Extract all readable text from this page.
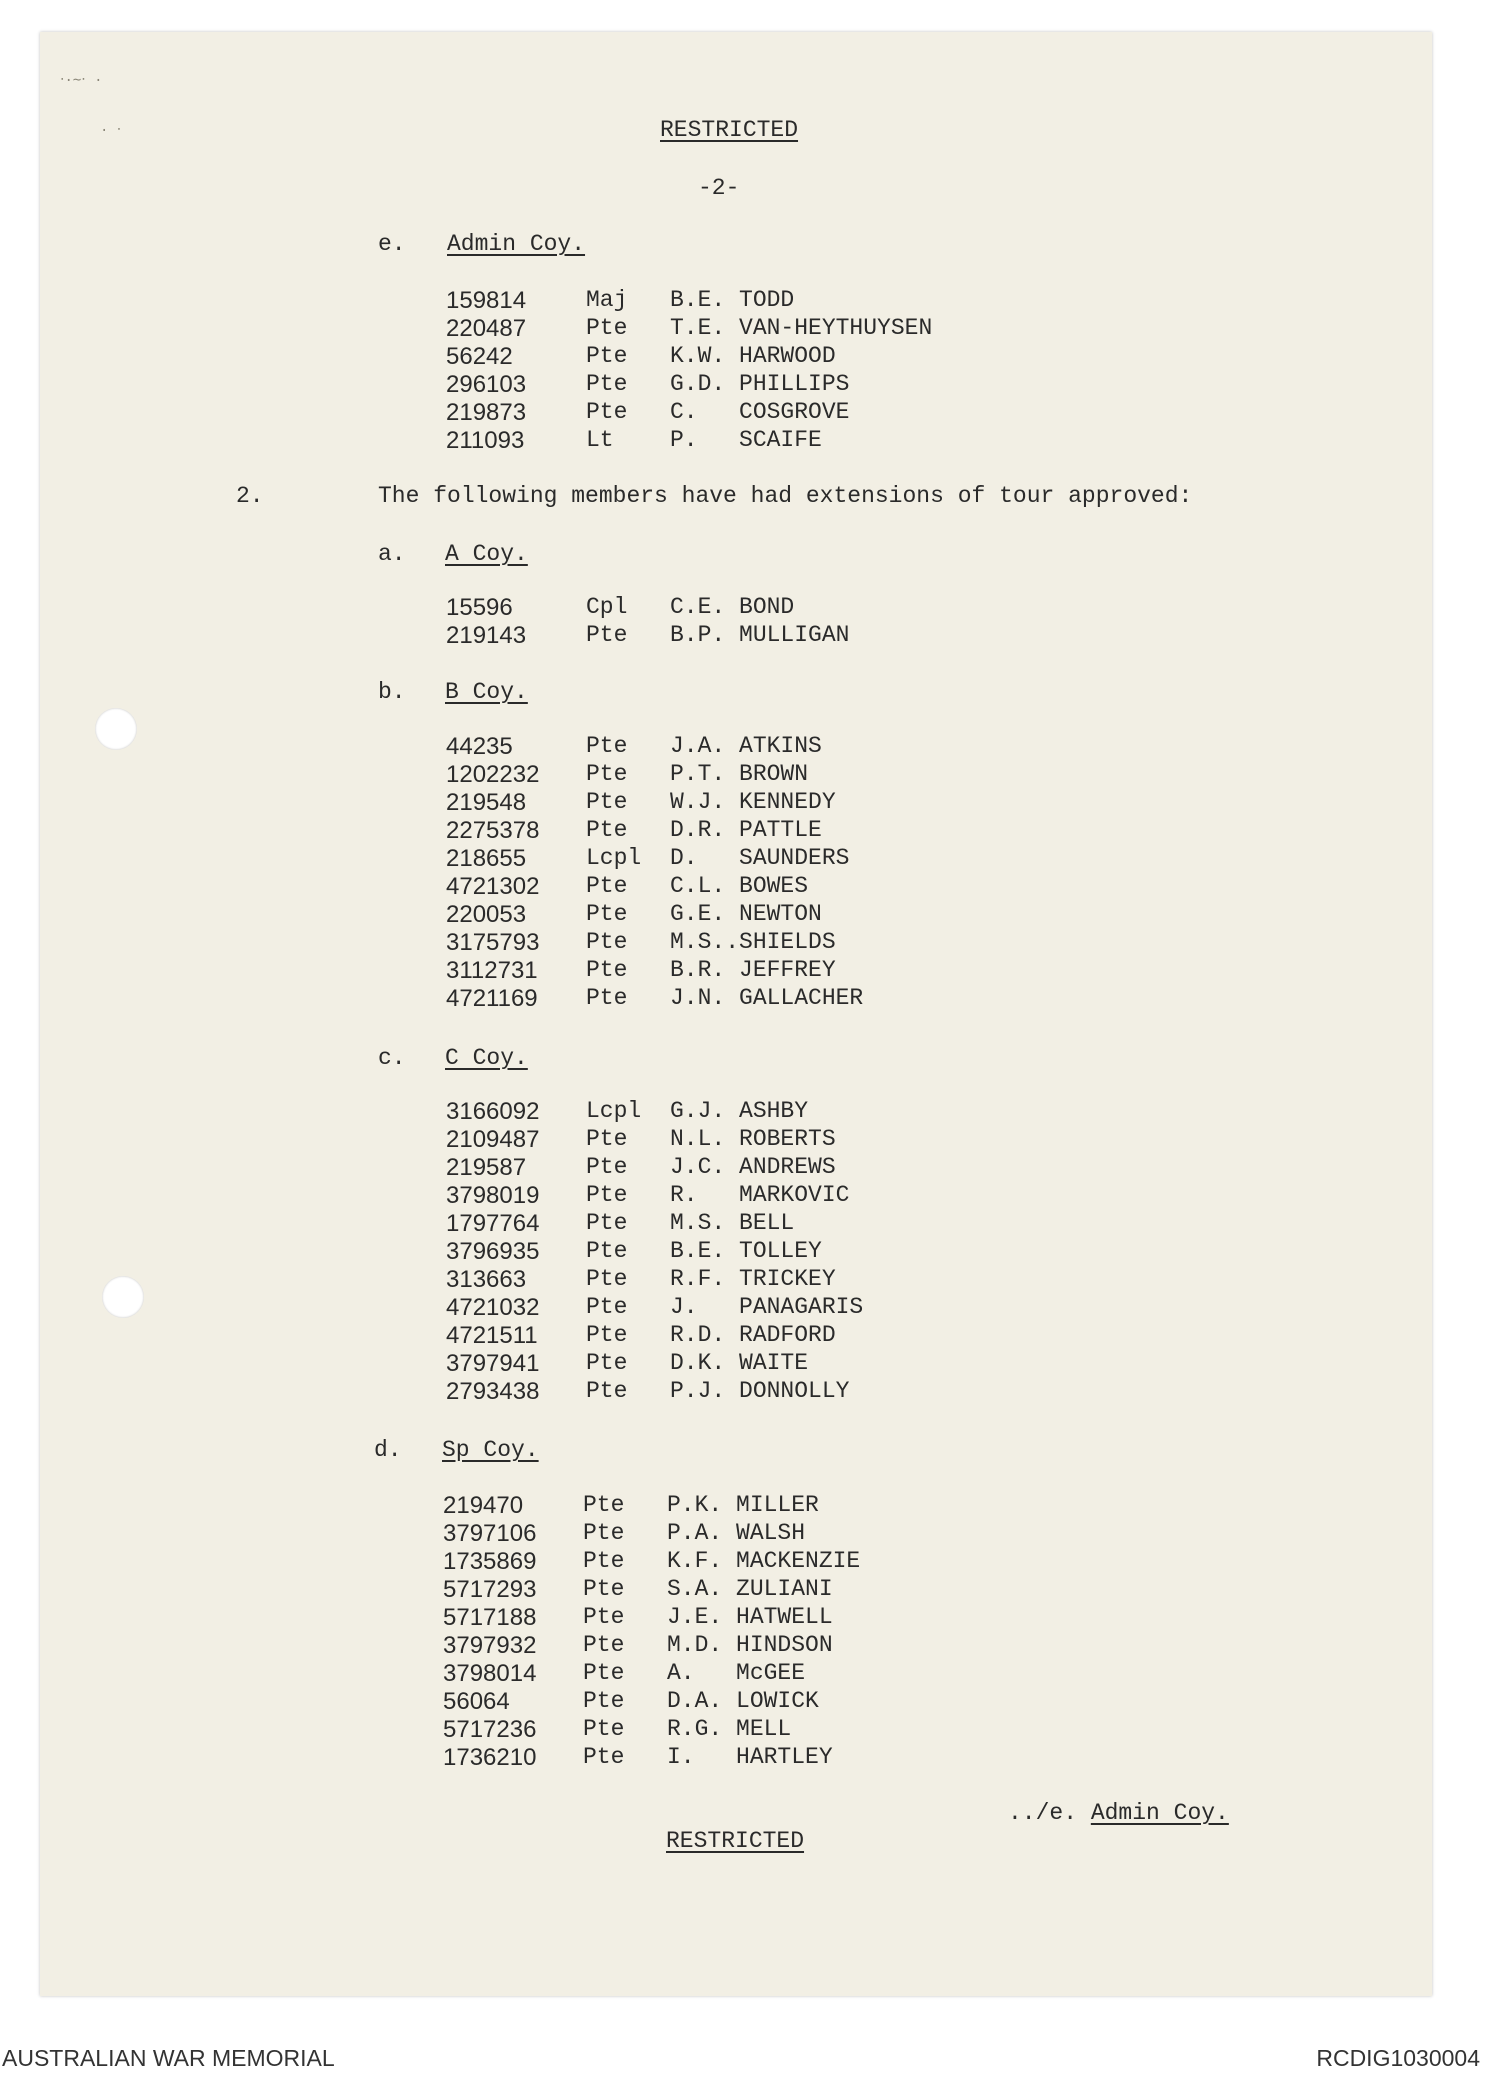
‧·∼‧ ·
· ‧	RESTRICTED
-2-
e. Admin Coy.
159814	Maj B.E. TODD
220487	Pte T.E. VAN-HEYTHUYSEN
56242	Pte K.W. HARWOOD
296103	Pte G.D. PHILLIPS
219873	Pte C.   COSGROVE
211093	Lt P.   SCAIFE
2.	The following members have had extensions of tour approved:
a. A Coy.
15596	Cpl C.E. BOND
219143	Pte B.P. MULLIGAN
b. B Coy.
44235	Pte J.A. ATKINS
1202232 Pte P.T. BROWN
219548	Pte W.J. KENNEDY
2275378 Pte D.R. PATTLE
218655	Lcpl D.   SAUNDERS
4721302 Pte C.L. BOWES
220053	Pte G.E. NEWTON
3175793 Pte M.S..SHIELDS
3112731 Pte B.R. JEFFREY
4721169 Pte J.N. GALLACHER
c. C Coy.
3166092 Lcpl G.J. ASHBY
2109487 Pte N.L. ROBERTS
219587	Pte J.C. ANDREWS
3798019 Pte R.   MARKOVIC
1797764 Pte M.S. BELL
3796935 Pte B.E. TOLLEY
313663	Pte R.F. TRICKEY
4721032 Pte J.   PANAGARIS
4721511 Pte R.D. RADFORD
3797941 Pte D.K. WAITE
2793438 Pte P.J. DONNOLLY
d. Sp Coy.
219470	Pte P.K. MILLER
3797106 Pte P.A. WALSH
1735869 Pte K.F. MACKENZIE
5717293 Pte S.A. ZULIANI
5717188 Pte J.E. HATWELL
3797932 Pte M.D. HINDSON
3798014 Pte A.   McGEE
56064	Pte D.A. LOWICK
5717236 Pte R.G. MELL
1736210 Pte I.   HARTLEY
../e. Admin Coy.
RESTRICTED
AUSTRALIAN WAR MEMORIAL	RCDIG1030004
